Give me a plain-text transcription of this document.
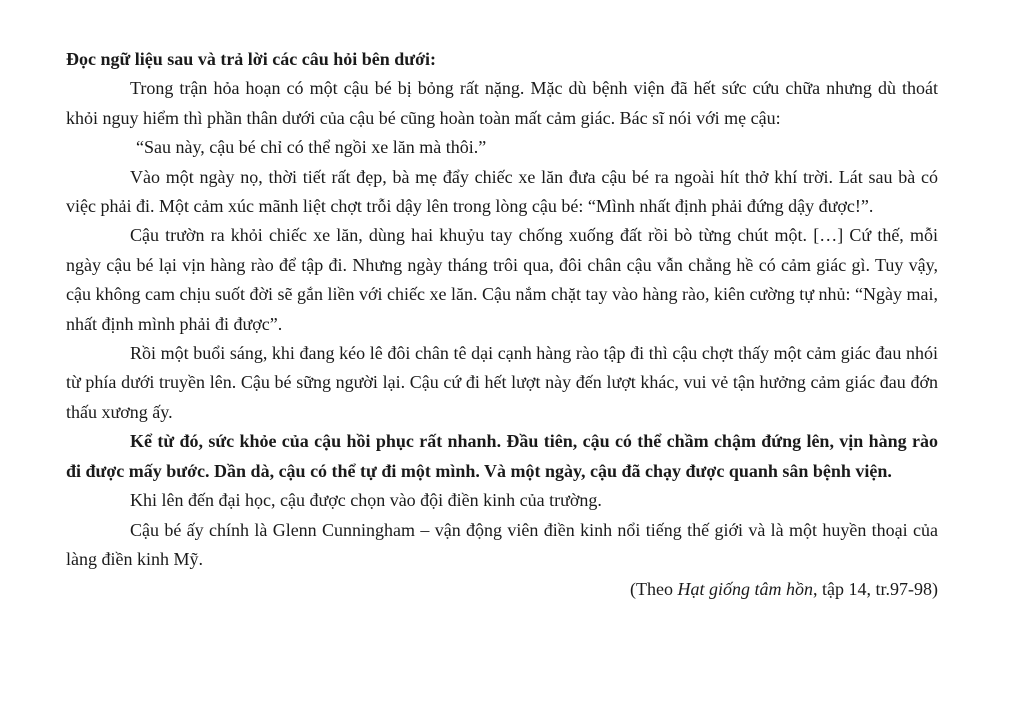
Đọc ngữ liệu sau và trả lời các câu hỏi bên dưới:

Trong trận hỏa hoạn có một cậu bé bị bỏng rất nặng. Mặc dù bệnh viện đã hết sức cứu chữa nhưng dù thoát khỏi nguy hiểm thì phần thân dưới của cậu bé cũng hoàn toàn mất cảm giác. Bác sĩ nói với mẹ cậu:

“Sau này, cậu bé chỉ có thể ngồi xe lăn mà thôi.”

Vào một ngày nọ, thời tiết rất đẹp, bà mẹ đẩy chiếc xe lăn đưa cậu bé ra ngoài hít thở khí trời. Lát sau bà có việc phải đi. Một cảm xúc mãnh liệt chợt trỗi dậy lên trong lòng cậu bé: “Mình nhất định phải đứng dậy được!”.

Cậu trườn ra khỏi chiếc xe lăn, dùng hai khuỷu tay chống xuống đất rồi bò từng chút một. […] Cứ thế, mỗi ngày cậu bé lại vịn hàng rào để tập đi. Nhưng ngày tháng trôi qua, đôi chân cậu vẫn chẳng hề có cảm giác gì. Tuy vậy, cậu không cam chịu suốt đời sẽ gắn liền với chiếc xe lăn. Cậu nắm chặt tay vào hàng rào, kiên cường tự nhủ: “Ngày mai, nhất định mình phải đi được”.

Rồi một buổi sáng, khi đang kéo lê đôi chân tê dại cạnh hàng rào tập đi thì cậu chợt thấy một cảm giác đau nhói từ phía dưới truyền lên. Cậu bé sững người lại. Cậu cứ đi hết lượt này đến lượt khác, vui vẻ tận hưởng cảm giác đau đớn thấu xương ấy.

Kể từ đó, sức khỏe của cậu hồi phục rất nhanh. Đầu tiên, cậu có thể chầm chậm đứng lên, vịn hàng rào đi được mấy bước. Dần dà, cậu có thể tự đi một mình. Và một ngày, cậu đã chạy được quanh sân bệnh viện.

Khi lên đến đại học, cậu được chọn vào đội điền kinh của trường.

Cậu bé ấy chính là Glenn Cunningham – vận động viên điền kinh nổi tiếng thế giới và là một huyền thoại của làng điền kinh Mỹ.

(Theo Hạt giống tâm hồn, tập 14, tr.97-98)
